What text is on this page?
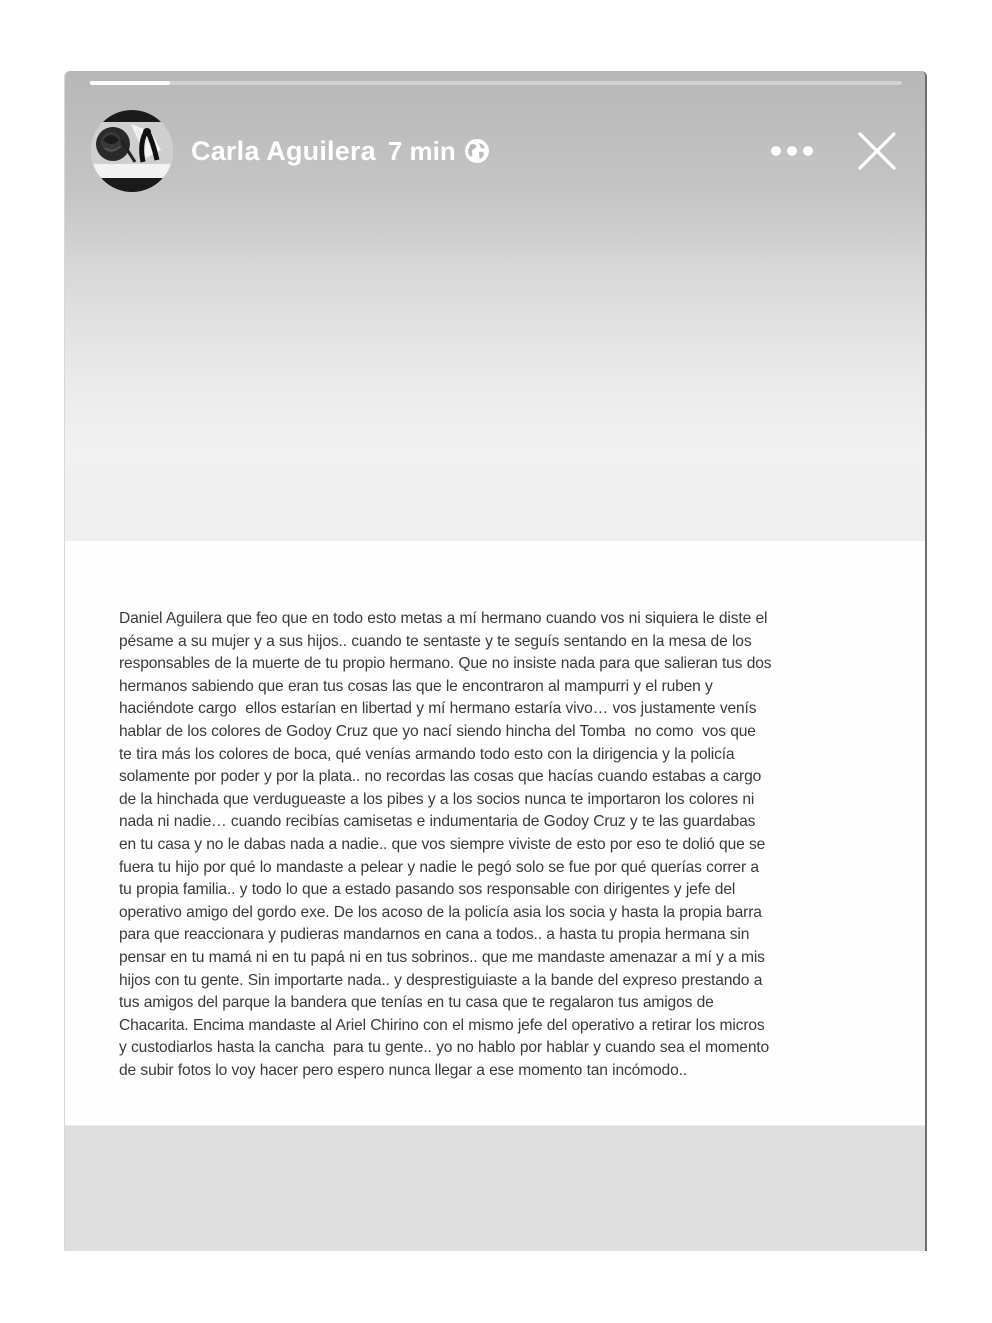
Carla Aguilera 7 min
Daniel Aguilera que feo que en todo esto metas a mí hermano cuando vos ni siquiera le diste el
pésame a su mujer y a sus hijos.. cuando te sentaste y te seguís sentando en la mesa de los
responsables de la muerte de tu propio hermano. Que no insiste nada para que salieran tus dos
hermanos sabiendo que eran tus cosas las que le encontraron al mampurri y el ruben y
haciéndote cargo  ellos estarían en libertad y mí hermano estaría vivo… vos justamente venís
hablar de los colores de Godoy Cruz que yo nací siendo hincha del Tomba  no como  vos que
te tira más los colores de boca, qué venías armando todo esto con la dirigencia y la policía
solamente por poder y por la plata.. no recordas las cosas que hacías cuando estabas a cargo
de la hinchada que verdugueaste a los pibes y a los socios nunca te importaron los colores ni
nada ni nadie… cuando recibías camisetas e indumentaria de Godoy Cruz y te las guardabas
en tu casa y no le dabas nada a nadie.. que vos siempre viviste de esto por eso te dolió que se
fuera tu hijo por qué lo mandaste a pelear y nadie le pegó solo se fue por qué querías correr a
tu propia familia.. y todo lo que a estado pasando sos responsable con dirigentes y jefe del
operativo amigo del gordo exe. De los acoso de la policía asia los socia y hasta la propia barra
para que reaccionara y pudieras mandarnos en cana a todos.. a hasta tu propia hermana sin
pensar en tu mamá ni en tu papá ni en tus sobrinos.. que me mandaste amenazar a mí y a mis
hijos con tu gente. Sin importarte nada.. y desprestiguiaste a la bande del expreso prestando a
tus amigos del parque la bandera que tenías en tu casa que te regalaron tus amigos de
Chacarita. Encima mandaste al Ariel Chirino con el mismo jefe del operativo a retirar los micros
y custodiarlos hasta la cancha  para tu gente.. yo no hablo por hablar y cuando sea el momento
de subir fotos lo voy hacer pero espero nunca llegar a ese momento tan incómodo..
